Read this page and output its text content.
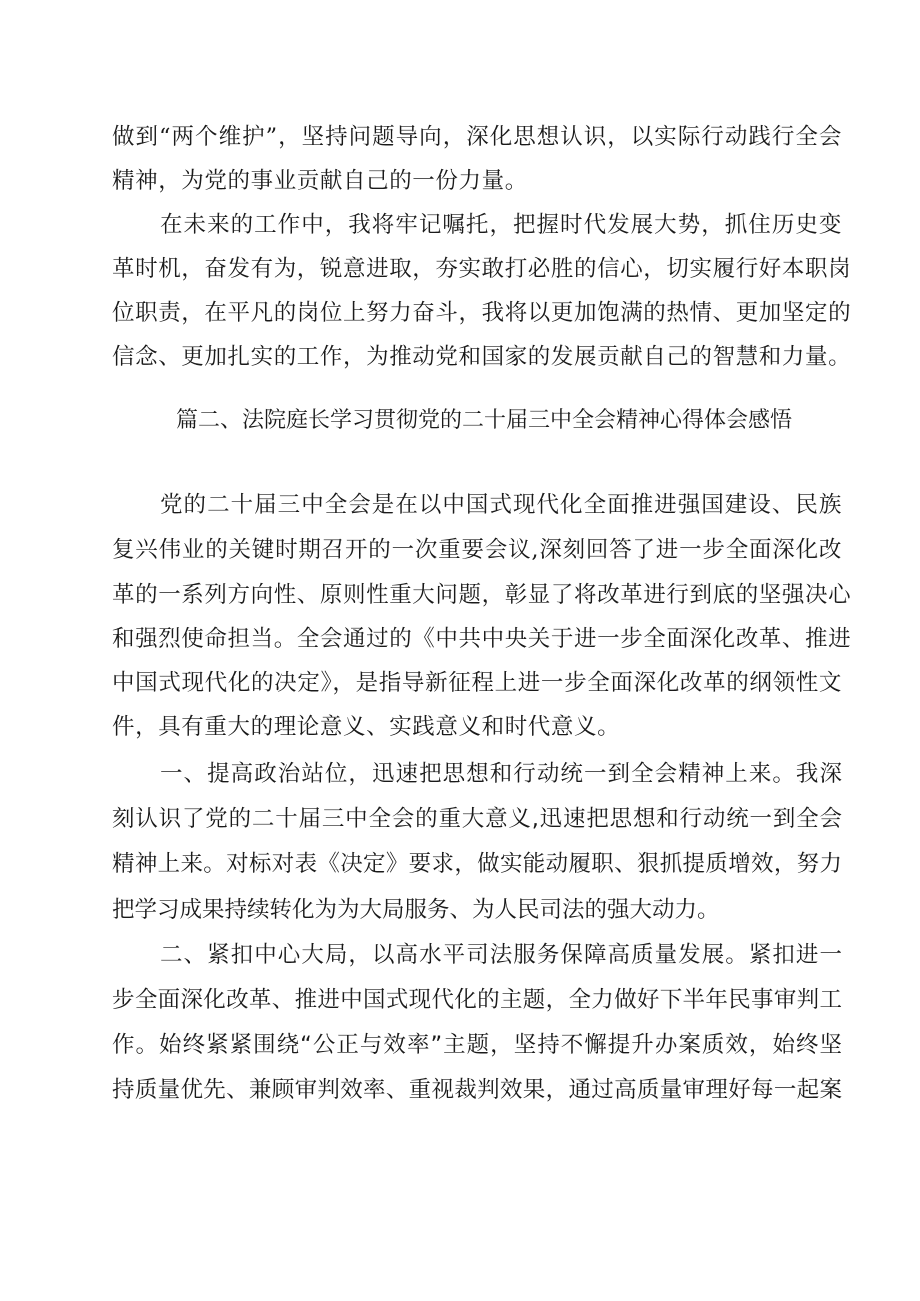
做到“两个维护”，坚持问题导向，深化思想认识，以实际行动践行全会
精神，为党的事业贡献自己的一份力量。
在未来的工作中，我将牢记嘱托，把握时代发展大势，抓住历史变
革时机，奋发有为，锐意进取，夯实敢打必胜的信心，切实履行好本职岗
位职责，在平凡的岗位上努力奋斗，我将以更加饱满的热情、更加坚定的
信念、更加扎实的工作，为推动党和国家的发展贡献自己的智慧和力量。
篇二、法院庭长学习贯彻党的二十届三中全会精神心得体会感悟
党的二十届三中全会是在以中国式现代化全面推进强国建设、民族
复兴伟业的关键时期召开的一次重要会议,深刻回答了进一步全面深化改
革的一系列方向性、原则性重大问题，彰显了将改革进行到底的坚强决心
和强烈使命担当。全会通过的《中共中央关于进一步全面深化改革、推进
中国式现代化的决定》，是指导新征程上进一步全面深化改革的纲领性文
件，具有重大的理论意义、实践意义和时代意义。
一、提高政治站位，迅速把思想和行动统一到全会精神上来。我深
刻认识了党的二十届三中全会的重大意义,迅速把思想和行动统一到全会
精神上来。对标对表《决定》要求，做实能动履职、狠抓提质增效，努力
把学习成果持续转化为为大局服务、为人民司法的强大动力。
二、紧扣中心大局，以高水平司法服务保障高质量发展。紧扣进一
步全面深化改革、推进中国式现代化的主题，全力做好下半年民事审判工
作。始终紧紧围绕“公正与效率”主题，坚持不懈提升办案质效，始终坚
持质量优先、兼顾审判效率、重视裁判效果，通过高质量审理好每一起案
